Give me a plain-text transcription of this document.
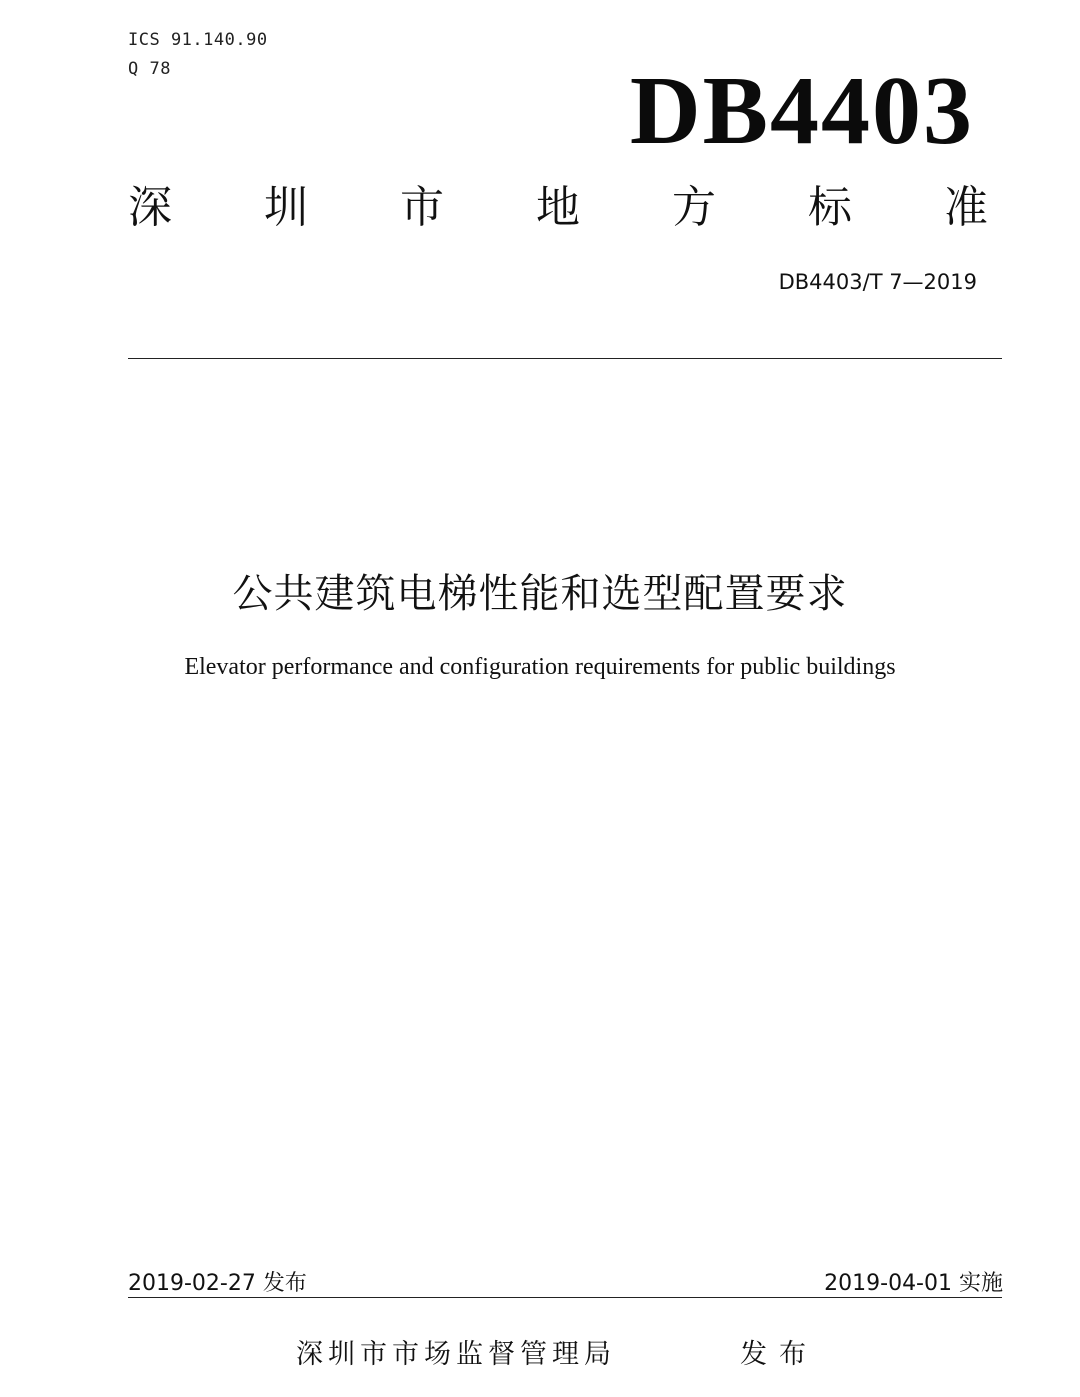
ICS 91.140.90
Q 78	DB4403
深 圳 市 地 方 标 准
DB4403/T 7—2019
公共建筑电梯性能和选型配置要求
Elevator performance and configuration requirements for public buildings
2019-02-27 发布	2019-04-01 实施
深圳市市场监督管理局	发布
